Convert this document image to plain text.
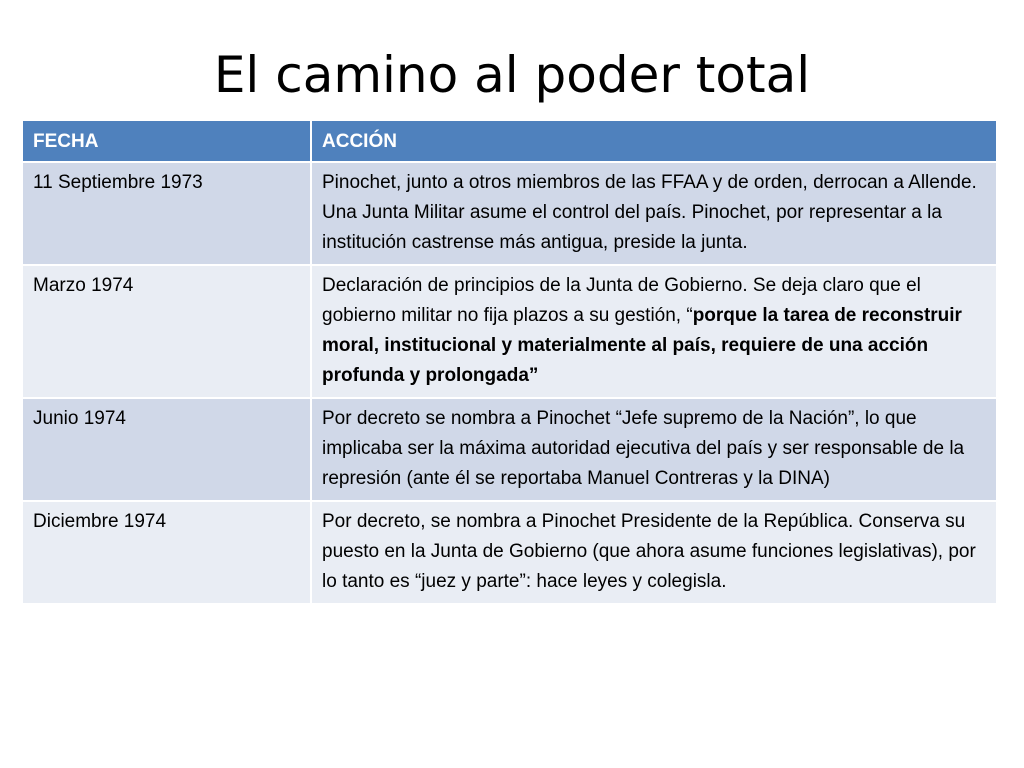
El camino al poder total
FECHA	ACCIÓN
11 Septiembre 1973	Pinochet, junto a otros miembros de las FFAA y de orden, derrocan a Allende. Una Junta Militar asume el control del país. Pinochet, por representar a la institución castrense más antigua, preside la junta.
Marzo 1974	Declaración de principios de la Junta de Gobierno. Se deja claro que el gobierno militar no fija plazos a su gestión, “porque la tarea de reconstruir moral, institucional y materialmente al país, requiere de una acción profunda y prolongada”
Junio 1974	Por decreto se nombra a Pinochet “Jefe supremo de la Nación”, lo que implicaba ser la máxima autoridad ejecutiva del país y ser responsable de la represión (ante él se reportaba Manuel Contreras y la DINA)
Diciembre 1974	Por decreto, se nombra a Pinochet Presidente de la República. Conserva su puesto en la Junta de Gobierno (que ahora asume funciones legislativas), por lo tanto es “juez y parte”: hace leyes y colegisla.
